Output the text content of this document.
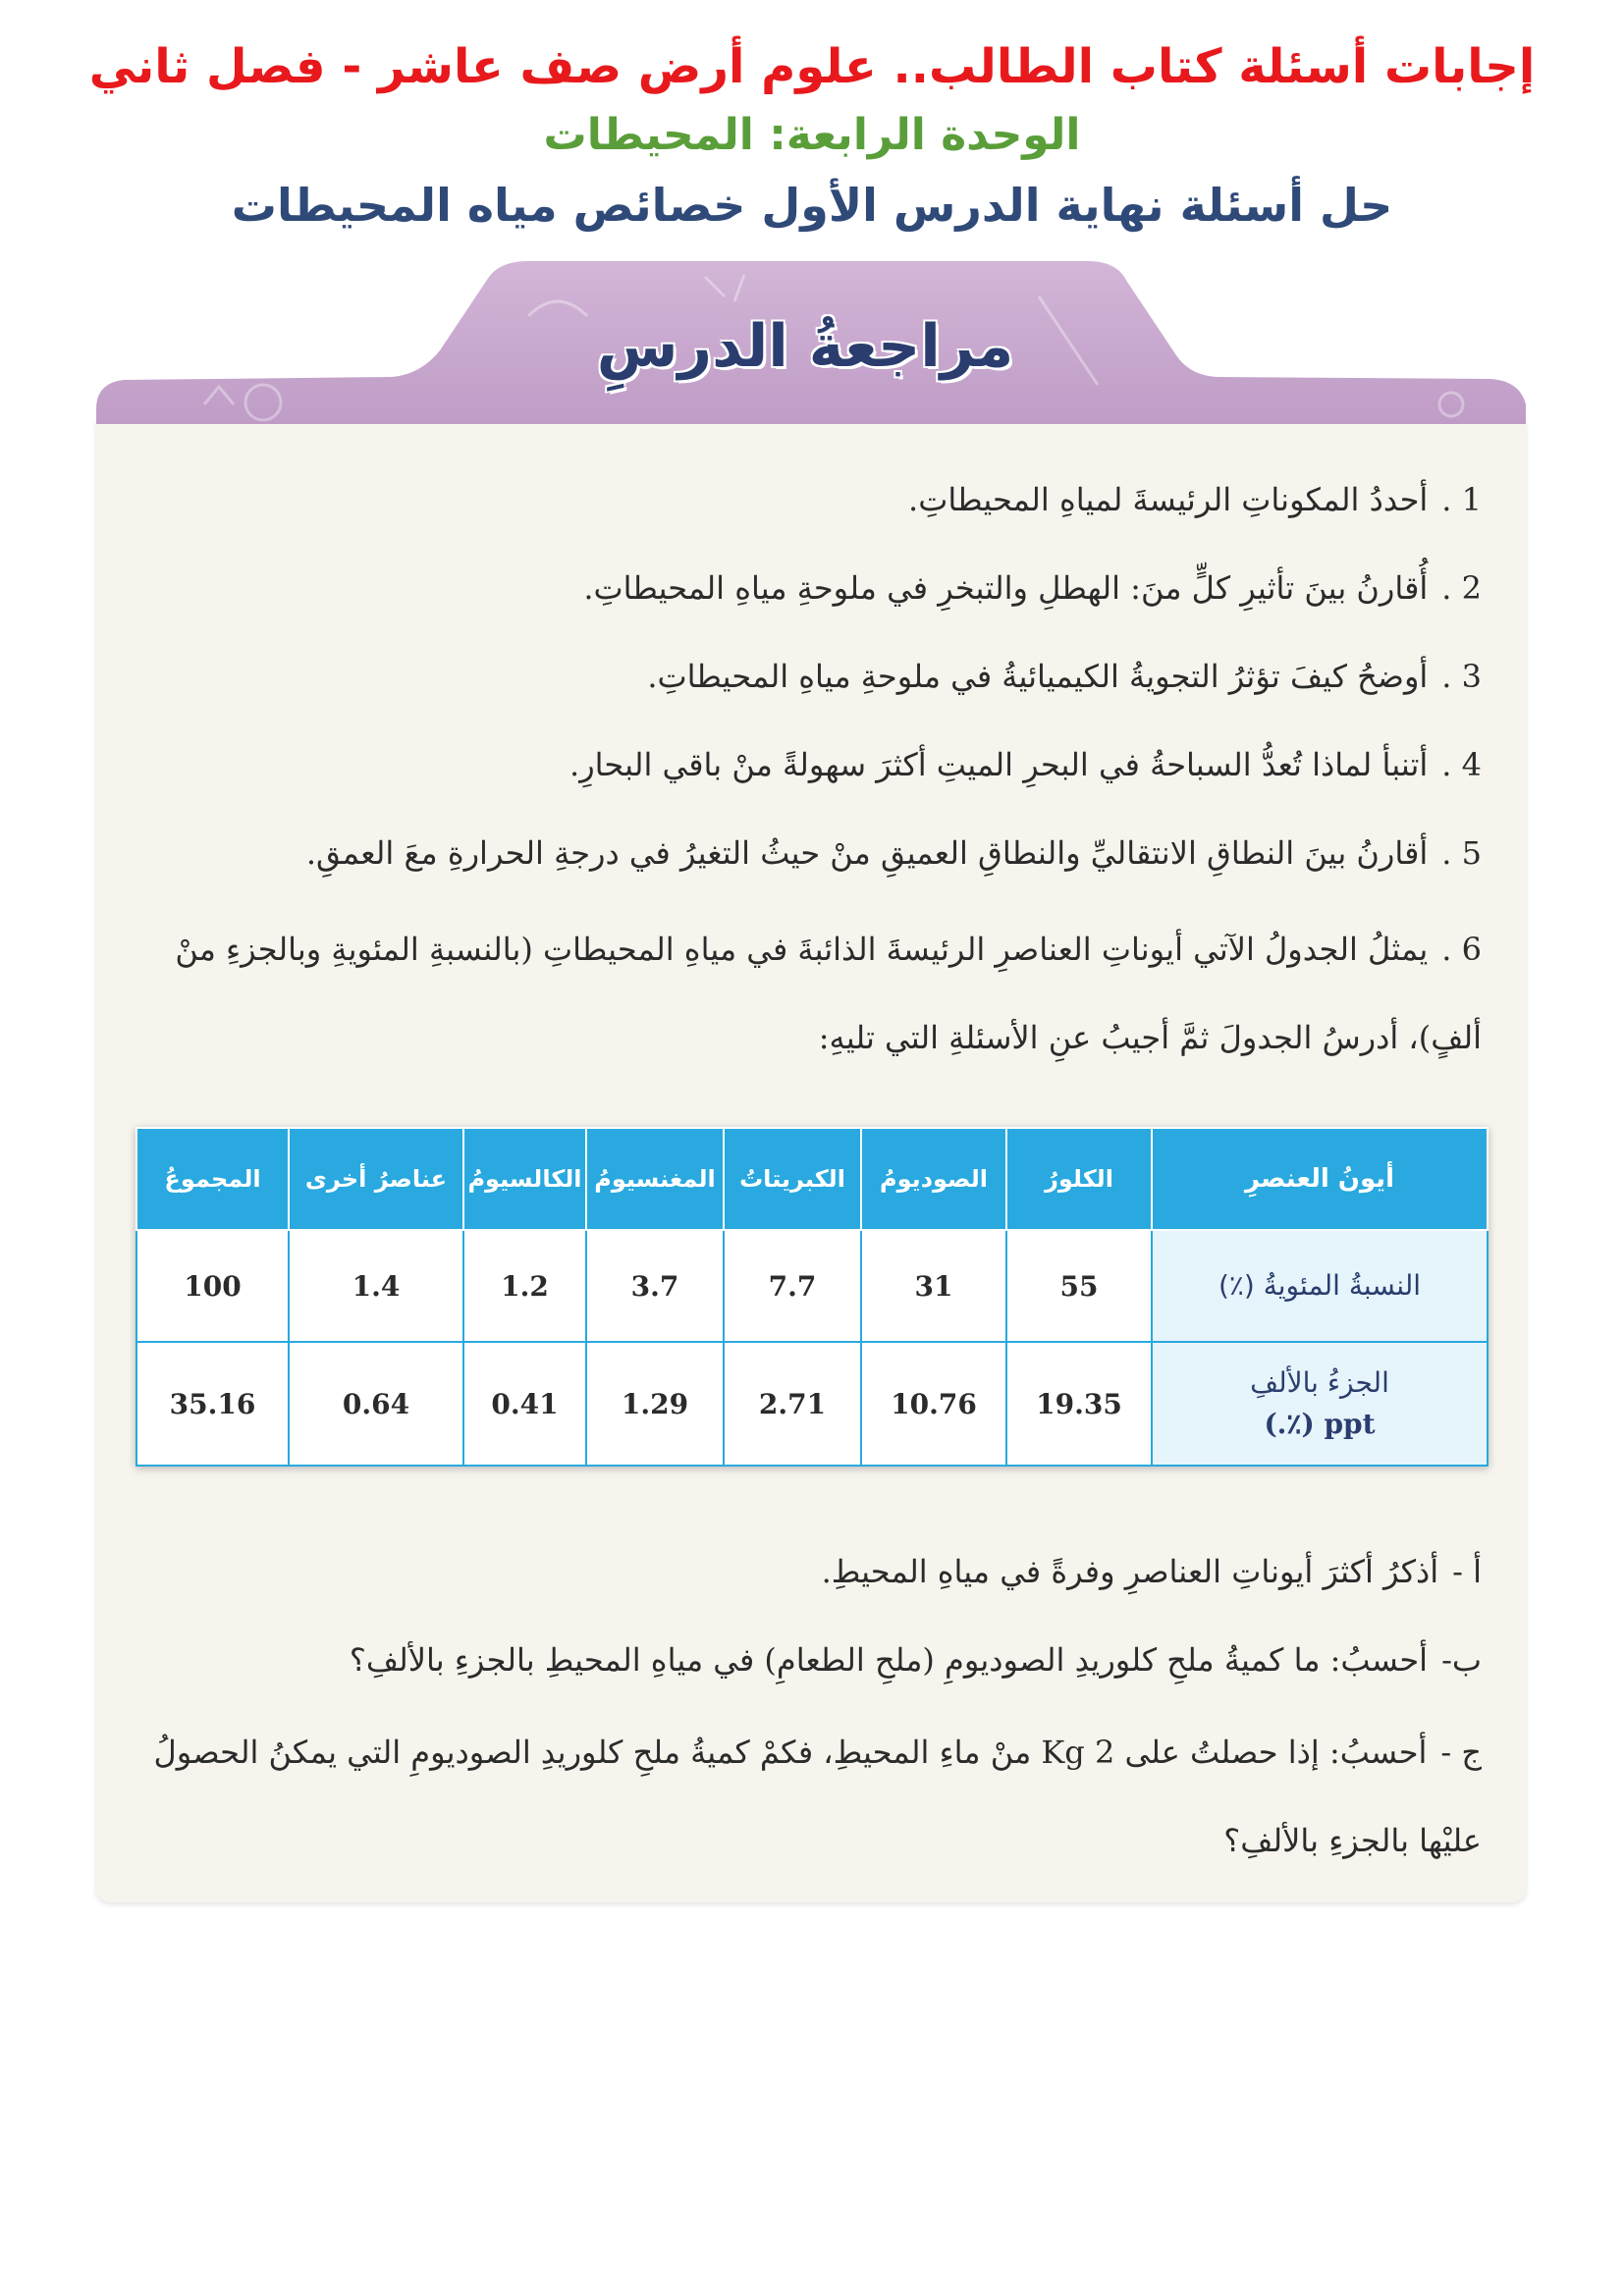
إجابات أسئلة كتاب الطالب.. علوم أرض صف عاشر - فصل ثاني
الوحدة الرابعة: المحيطات
حل أسئلة نهاية الدرس الأول خصائص مياه المحيطات
مراجعةُ الدرسِ
1 .أحددُ المكوناتِ الرئيسةَ لمياهِ المحيطاتِ.
2 .أُقارنُ بينَ تأثيرِ كلٍّ منَ: الهطلِ والتبخرِ في ملوحةِ مياهِ المحيطاتِ.
3 .أوضحُ كيفَ تؤثرُ التجويةُ الكيميائيةُ في ملوحةِ مياهِ المحيطاتِ.
4 .أتنبأ لماذا تُعدُّ السباحةُ في البحرِ الميتِ أكثرَ سهولةً منْ باقي البحارِ.
5 .أقارنُ بينَ النطاقِ الانتقاليِّ والنطاقِ العميقِ منْ حيثُ التغيرُ في درجةِ الحرارةِ معَ العمقِ.
6 .يمثلُ الجدولُ الآتي أيوناتِ العناصرِ الرئيسةَ الذائبةَ في مياهِ المحيطاتِ (بالنسبةِ المئويةِ وبالجزءِ منْ ألفٍ)، أدرسُ الجدولَ ثمَّ أجيبُ عنِ الأسئلةِ التي تليهِ:
أيونُ العنصرِ	الكلورُ	الصوديومُ	الكبريتاتُ	المغنسيومُ	الكالسيومُ	عناصرُ أخرى	المجموعُ
النسبةُ المئويةُ (٪)	55	31	7.7	3.7	1.2	1.4	100

الجزءُ بالألفِ
ppt (٪.)	19.35	10.76	2.71	1.29	0.41	0.64	35.16
أ -أذكرُ أكثرَ أيوناتِ العناصرِ وفرةً في مياهِ المحيطِ.
ب-أحسبُ: ما كميةُ ملحِ كلوريدِ الصوديومِ (ملحِ الطعامِ) في مياهِ المحيطِ بالجزءِ بالألفِ؟
ج -أحسبُ: إذا حصلتُ على 2 Kg منْ ماءِ المحيطِ، فكمْ كميةُ ملحِ كلوريدِ الصوديومِ التي يمكنُ الحصولُ عليْها بالجزءِ بالألفِ؟
